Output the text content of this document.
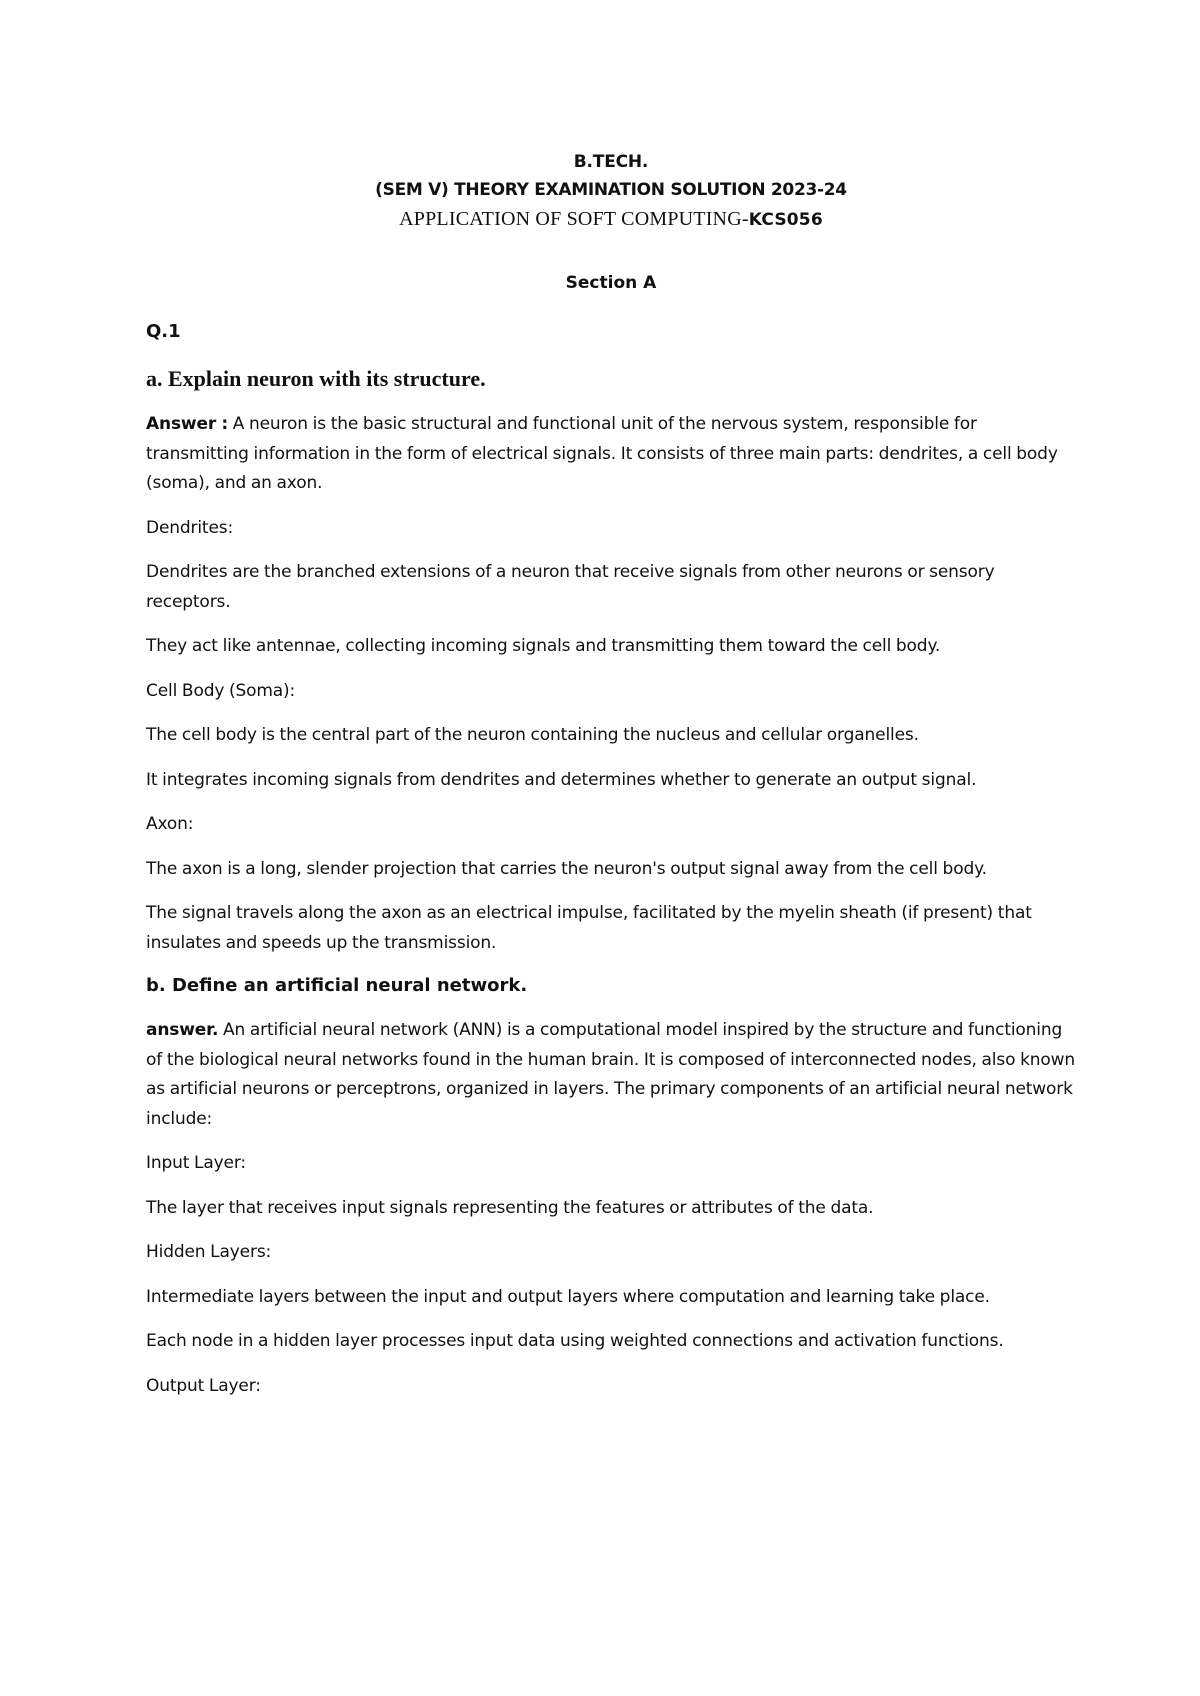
B.TECH.
(SEM V) THEORY EXAMINATION SOLUTION 2023-24
APPLICATION OF SOFT COMPUTING-KCS056
Section A
Q.1
a. Explain neuron with its structure.

Answer : A neuron is the basic structural and functional unit of the nervous system, responsible for transmitting information in the form of electrical signals. It consists of three main parts: dendrites, a cell body (soma), and an axon.

Dendrites:

Dendrites are the branched extensions of a neuron that receive signals from other neurons or sensory receptors.

They act like antennae, collecting incoming signals and transmitting them toward the cell body.

Cell Body (Soma):

The cell body is the central part of the neuron containing the nucleus and cellular organelles.

It integrates incoming signals from dendrites and determines whether to generate an output signal.

Axon:

The axon is a long, slender projection that carries the neuron's output signal away from the cell body.

The signal travels along the axon as an electrical impulse, facilitated by the myelin sheath (if present) that insulates and speeds up the transmission.

b. Define an artificial neural network.

answer. An artificial neural network (ANN) is a computational model inspired by the structure and functioning of the biological neural networks found in the human brain. It is composed of interconnected nodes, also known as artificial neurons or perceptrons, organized in layers. The primary components of an artificial neural network include:

Input Layer:

The layer that receives input signals representing the features or attributes of the data.

Hidden Layers:

Intermediate layers between the input and output layers where computation and learning take place.

Each node in a hidden layer processes input data using weighted connections and activation functions.

Output Layer:
